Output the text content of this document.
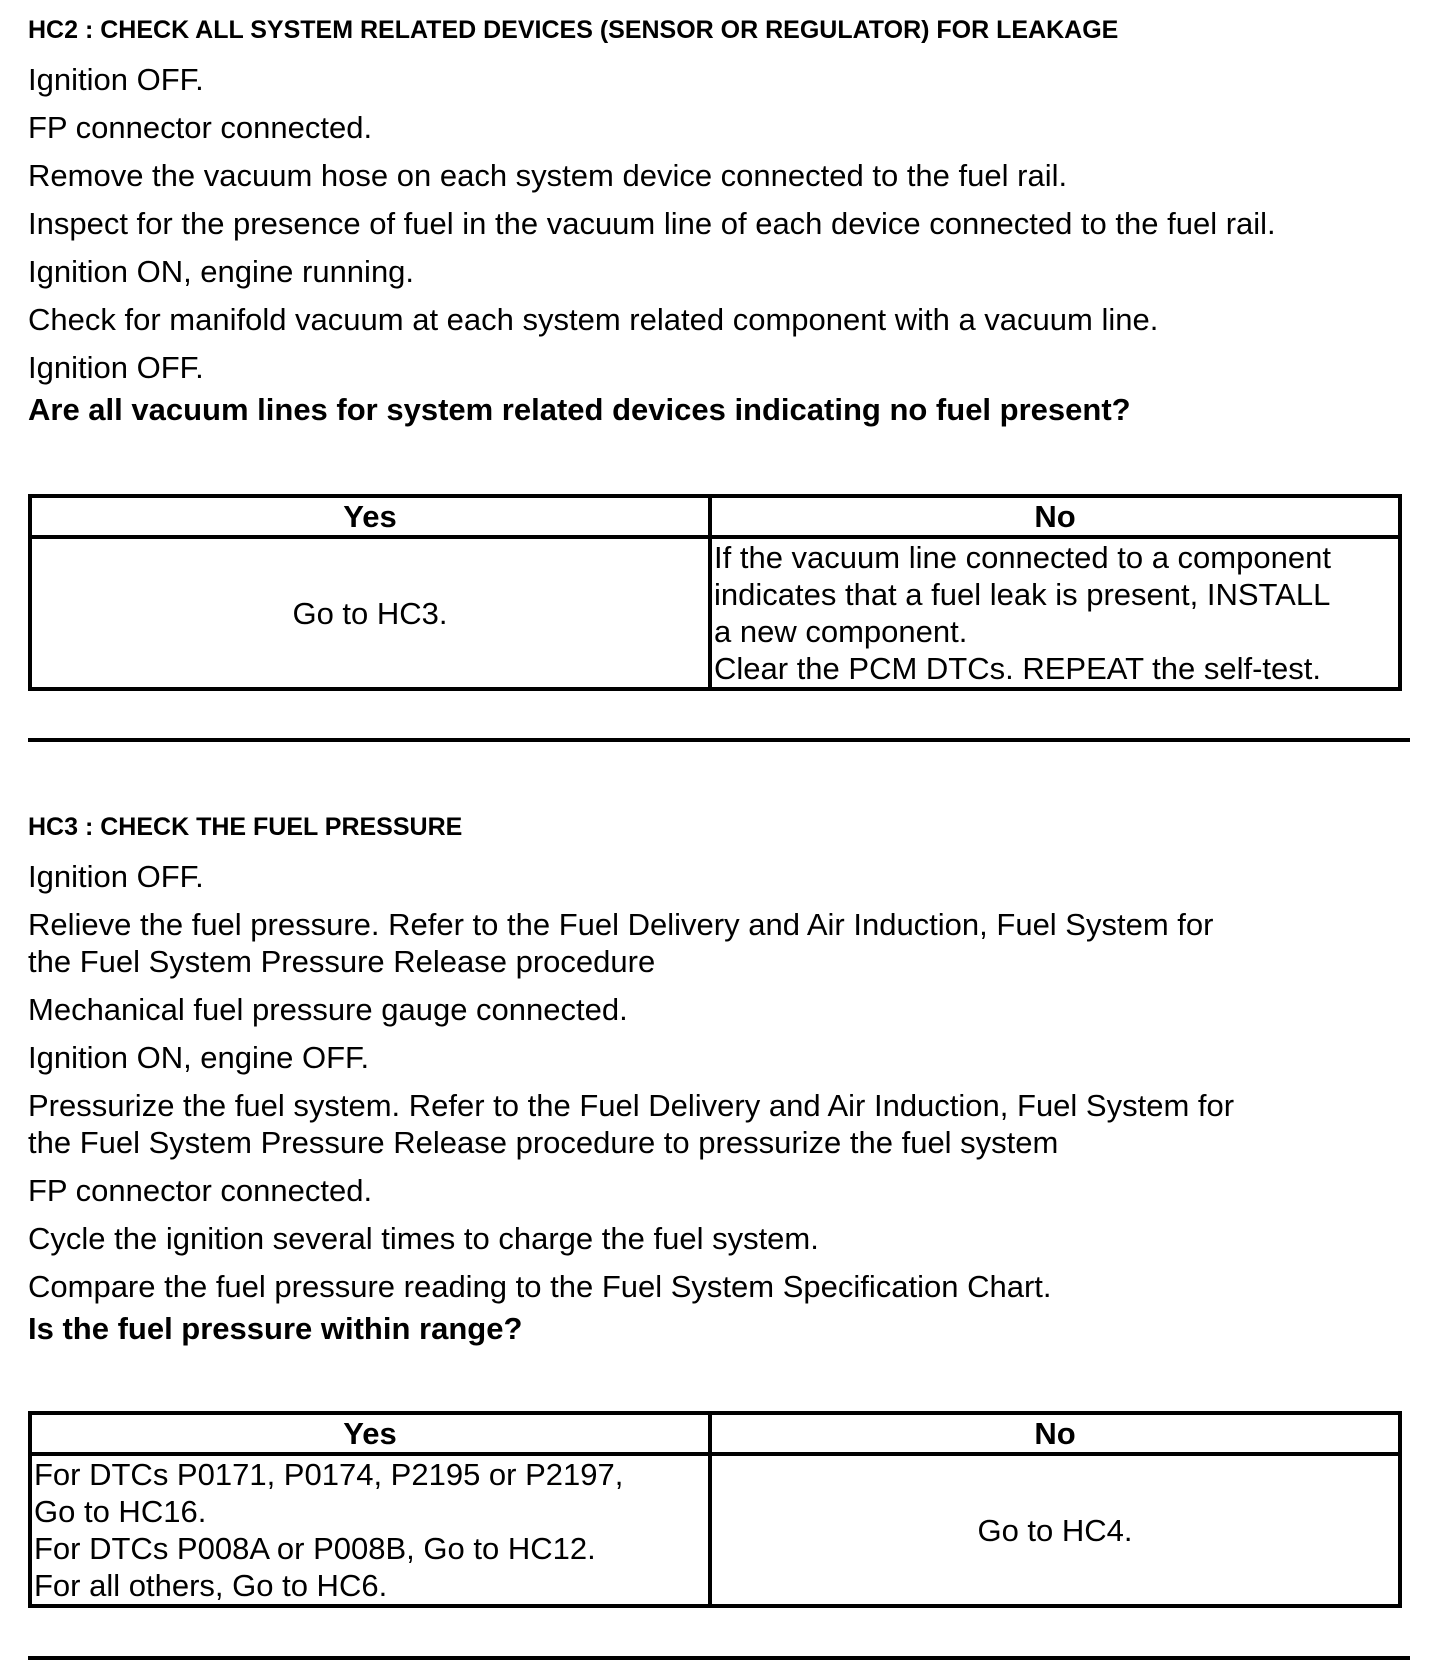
HC2 : CHECK ALL SYSTEM RELATED DEVICES (SENSOR OR REGULATOR) FOR LEAKAGE
Ignition OFF.
FP connector connected.
Remove the vacuum hose on each system device connected to the fuel rail.
Inspect for the presence of fuel in the vacuum line of each device connected to the fuel rail.
Ignition ON, engine running.
Check for manifold vacuum at each system related component with a vacuum line.
Ignition OFF.

Are all vacuum lines for system related devices indicating no fuel present?

Yes	No
Go to HC3.	If the vacuum line connected to a component
indicates that a fuel leak is present, INSTALL
a new component.
Clear the PCM DTCs. REPEAT the self-test.
HC3 : CHECK THE FUEL PRESSURE
Ignition OFF.
Relieve the fuel pressure. Refer to the Fuel Delivery and Air Induction, Fuel System for
the Fuel System Pressure Release procedure
Mechanical fuel pressure gauge connected.
Ignition ON, engine OFF.
Pressurize the fuel system. Refer to the Fuel Delivery and Air Induction, Fuel System for
the Fuel System Pressure Release procedure to pressurize the fuel system
FP connector connected.
Cycle the ignition several times to charge the fuel system.
Compare the fuel pressure reading to the Fuel System Specification Chart.

Is the fuel pressure within range?

Yes	No

For DTCs P0171, P0174, P2195 or P2197,
Go to HC16.
For DTCs P008A or P008B, Go to HC12.
For all others, Go to HC6.	Go to HC4.
